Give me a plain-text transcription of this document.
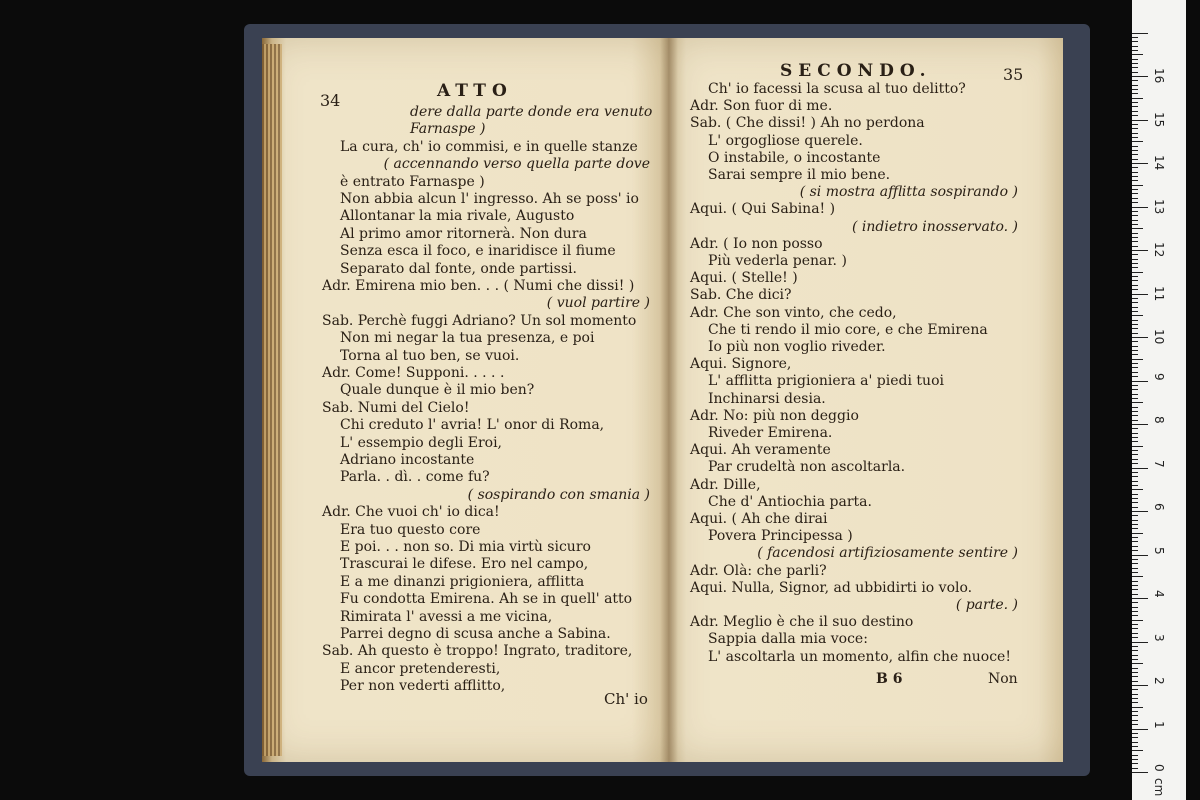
dere dalla parte donde era venuto
Farnaspe )
La cura, ch' io commisi, e in quelle stanze
( accennando verso quella parte dove
è entrato Farnaspe )
Non abbia alcun l' ingresso. Ah se poss' io
Allontanar la mia rivale, Augusto
Al primo amor ritornerà. Non dura
Senza esca il foco, e inaridisce il fiume
Separato dal fonte, onde partissi.
Adr. Emirena mio ben. . . ( Numi che dissi! )
( vuol partire )
Sab. Perchè fuggi Adriano? Un sol momento
Non mi negar la tua presenza, e poi
Torna al tuo ben, se vuoi.
Adr. Come! Supponi. . . . .
Quale dunque è il mio ben?
Sab. Numi del Cielo!
Chi creduto l' avria! L' onor di Roma,
L' essempio degli Eroi,
Adriano incostante
Parla. . dì. . come fu?
( sospirando con smania )
Adr. Che vuoi ch' io dica!
Era tuo questo core
E poi. . . non so. Di mia virtù sicuro
Trascurai le difese. Ero nel campo,
E a me dinanzi prigioniera, afflitta
Fu condotta Emirena. Ah se in quell' atto
Rimirata l' avessi a me vicina,
Parrei degno di scusa anche a Sabina.
Sab. Ah questo è troppo! Ingrato, traditore,
E ancor pretenderesti,
Per non vederti afflitto,
Ch' io facessi la scusa al tuo delitto?
Adr. Son fuor di me.
Sab. ( Che dissi! ) Ah no perdona
L' orgogliose querele.
O instabile, o incostante
Sarai sempre il mio bene.
( si mostra afflitta sospirando )
Aqui. ( Qui Sabina! )
( indietro inosservato. )
Adr. ( Io non posso
Più vederla penar. )
Aqui. ( Stelle! )
Sab. Che dici?
Adr. Che son vinto, che cedo,
Che ti rendo il mio core, e che Emirena
Io più non voglio riveder.
Aqui. Signore,
L' afflitta prigioniera a' piedi tuoi
Inchinarsi desia.
Adr. No: più non deggio
Riveder Emirena.
Aqui. Ah veramente
Par crudeltà non ascoltarla.
Adr. Dille,
Che d' Antiochia parta.
Aqui. ( Ah che dirai
Povera Principessa )
( facendosi artifiziosamente sentire )
Adr. Olà: che parli?
Aqui. Nulla, Signor, ad ubbidirti io volo.
( parte. )
Adr. Meglio è che il suo destino
Sappia dalla mia voce:
L' ascoltarla un momento, alfin che nuoce!
34	ATTO
35
SECONDO.
Ch' io
B 6	Non
0
1
2
3
4
5
6
7
8
9
10
11
12
13
14
15
16
cm
